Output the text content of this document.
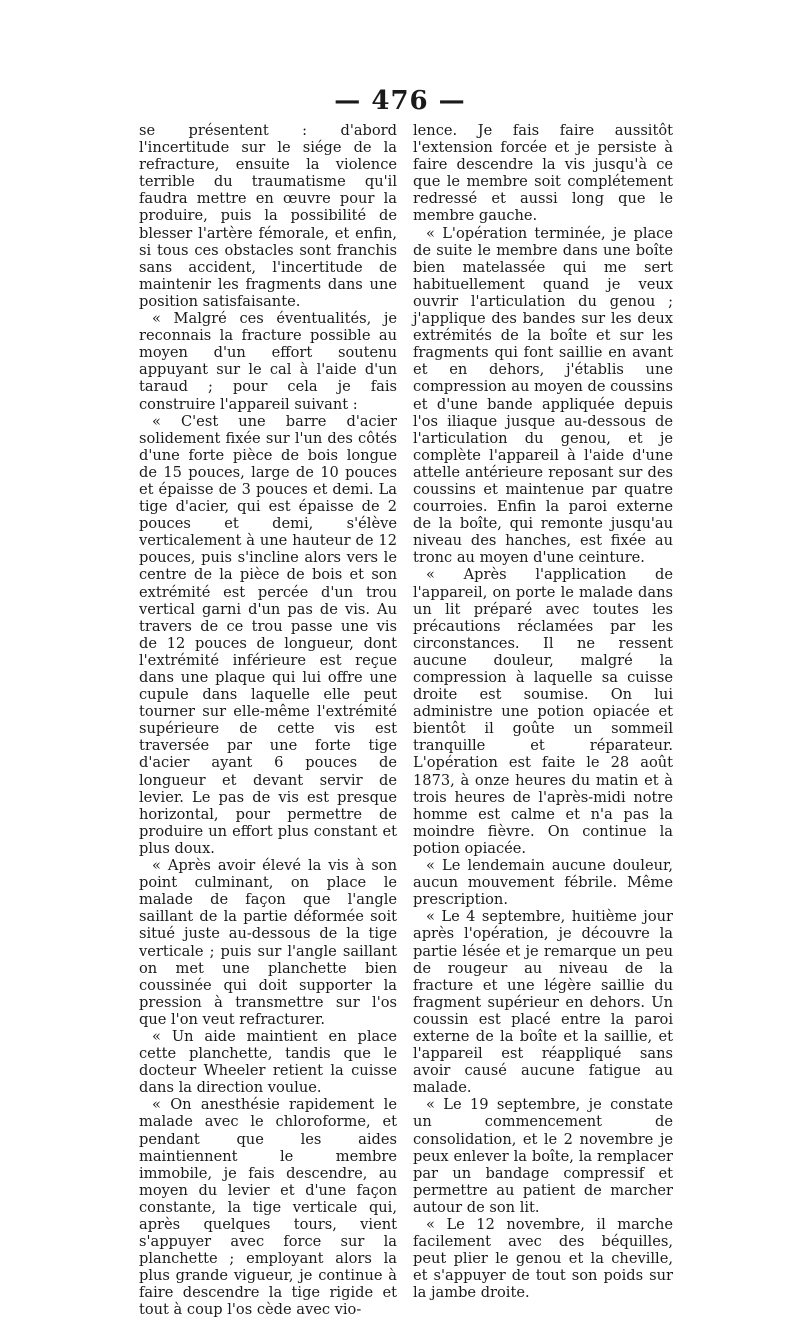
— 476 —

se présentent : d'abord l'incertitude sur le siége de la refracture, ensuite la violence terrible du traumatisme qu'il faudra mettre en œuvre pour la produire, puis la possibilité de blesser l'artère fémorale, et enfin, si tous ces obstacles sont franchis sans accident, l'incertitude de maintenir les fragments dans une position satisfaisante.

« Malgré ces éventualités, je reconnais la fracture possible au moyen d'un effort soutenu appuyant sur le cal à l'aide d'un taraud ; pour cela je fais construire l'appareil suivant :

« C'est une barre d'acier solidement fixée sur l'un des côtés d'une forte pièce de bois longue de 15 pouces, large de 10 pouces et épaisse de 3 pouces et demi. La tige d'acier, qui est épaisse de 2 pouces et demi, s'élève verticalement à une hauteur de 12 pouces, puis s'incline alors vers le centre de la pièce de bois et son extrémité est percée d'un trou vertical garni d'un pas de vis. Au travers de ce trou passe une vis de 12 pouces de longueur, dont l'extrémité inférieure est reçue dans une plaque qui lui offre une cupule dans laquelle elle peut tourner sur elle-même l'extrémité supérieure de cette vis est traversée par une forte tige d'acier ayant 6 pouces de longueur et devant servir de levier. Le pas de vis est presque horizontal, pour permettre de produire un effort plus constant et plus doux.

« Après avoir élevé la vis à son point culminant, on place le malade de façon que l'angle saillant de la partie déformée soit situé juste au-dessous de la tige verticale ; puis sur l'angle saillant on met une planchette bien coussinée qui doit supporter la pression à transmettre sur l'os que l'on veut refracturer.

« Un aide maintient en place cette planchette, tandis que le docteur Wheeler retient la cuisse dans la direction voulue.

« On anesthésie rapidement le malade avec le chloroforme, et pendant que les aides maintiennent le membre immobile, je fais descendre, au moyen du levier et d'une façon constante, la tige verticale qui, après quelques tours, vient s'appuyer avec force sur la planchette ; employant alors la plus grande vigueur, je continue à faire descendre la tige rigide et tout à coup l'os cède avec vio-

lence. Je fais faire aussitôt l'extension forcée et je persiste à faire descendre la vis jusqu'à ce que le membre soit complétement redressé et aussi long que le membre gauche.

« L'opération terminée, je place de suite le membre dans une boîte bien matelassée qui me sert habituellement quand je veux ouvrir l'articulation du genou ; j'applique des bandes sur les deux extrémités de la boîte et sur les fragments qui font saillie en avant et en dehors, j'établis une compression au moyen de coussins et d'une bande appliquée depuis l'os iliaque jusque au-dessous de l'articulation du genou, et je complète l'appareil à l'aide d'une attelle antérieure reposant sur des coussins et maintenue par quatre courroies. Enfin la paroi externe de la boîte, qui remonte jusqu'au niveau des hanches, est fixée au tronc au moyen d'une ceinture.

« Après l'application de l'appareil, on porte le malade dans un lit préparé avec toutes les précautions réclamées par les circonstances. Il ne ressent aucune douleur, malgré la compression à laquelle sa cuisse droite est soumise. On lui administre une potion opiacée et bientôt il goûte un sommeil tranquille et réparateur. L'opération est faite le 28 août 1873, à onze heures du matin et à trois heures de l'après-midi notre homme est calme et n'a pas la moindre fièvre. On continue la potion opiacée.

« Le lendemain aucune douleur, aucun mouvement fébrile. Même prescription.

« Le 4 septembre, huitième jour après l'opération, je découvre la partie lésée et je remarque un peu de rougeur au niveau de la fracture et une légère saillie du fragment supérieur en dehors. Un coussin est placé entre la paroi externe de la boîte et la saillie, et l'appareil est réappliqué sans avoir causé aucune fatigue au malade.

« Le 19 septembre, je constate un commencement de consolidation, et le 2 novembre je peux enlever la boîte, la remplacer par un bandage compressif et permettre au patient de marcher autour de son lit.

« Le 12 novembre, il marche facilement avec des béquilles, peut plier le genou et la cheville, et s'appuyer de tout son poids sur la jambe droite.
